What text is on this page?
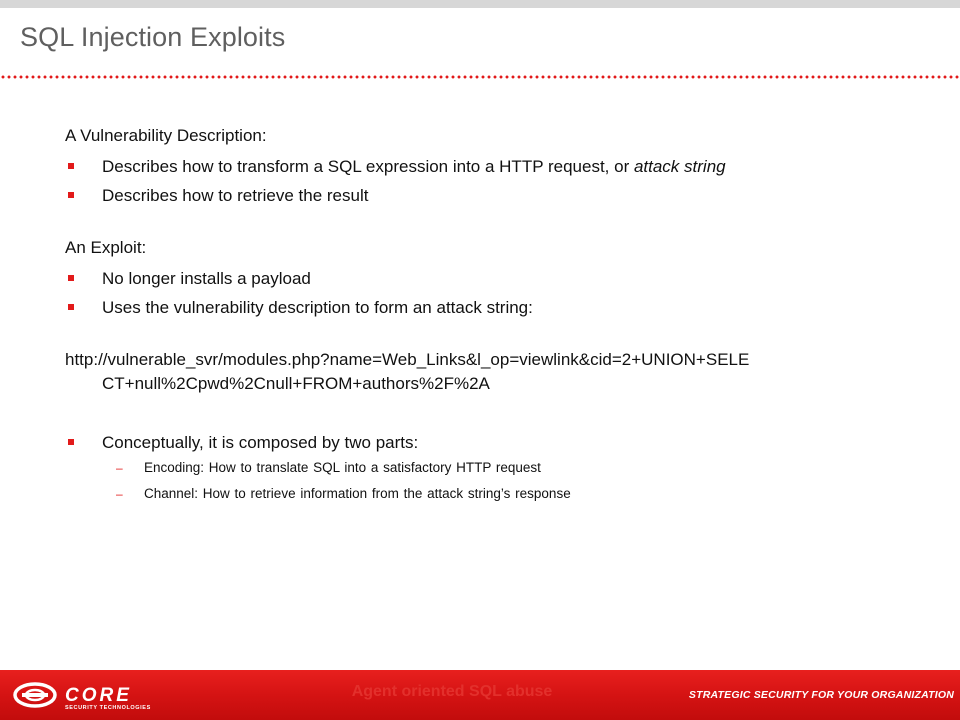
SQL Injection Exploits
A Vulnerability Description:
Describes how to transform a SQL expression into a HTTP request, or attack string
Describes how to retrieve the result
An Exploit:
No longer installs a payload
Uses the vulnerability description to form an attack string:
http://vulnerable_svr/modules.php?name=Web_Links&l_op=viewlink&cid=2+UNION+SELE
CT+null%2Cpwd%2Cnull+FROM+authors%2F%2A
Conceptually, it is composed by two parts:
– Encoding: How to translate SQL into a satisfactory HTTP request
– Channel: How to retrieve information from the attack string’s response
CORE
SECURITY TECHNOLOGIES
Agent oriented SQL abuse	STRATEGIC SECURITY FOR YOUR ORGANIZATION
